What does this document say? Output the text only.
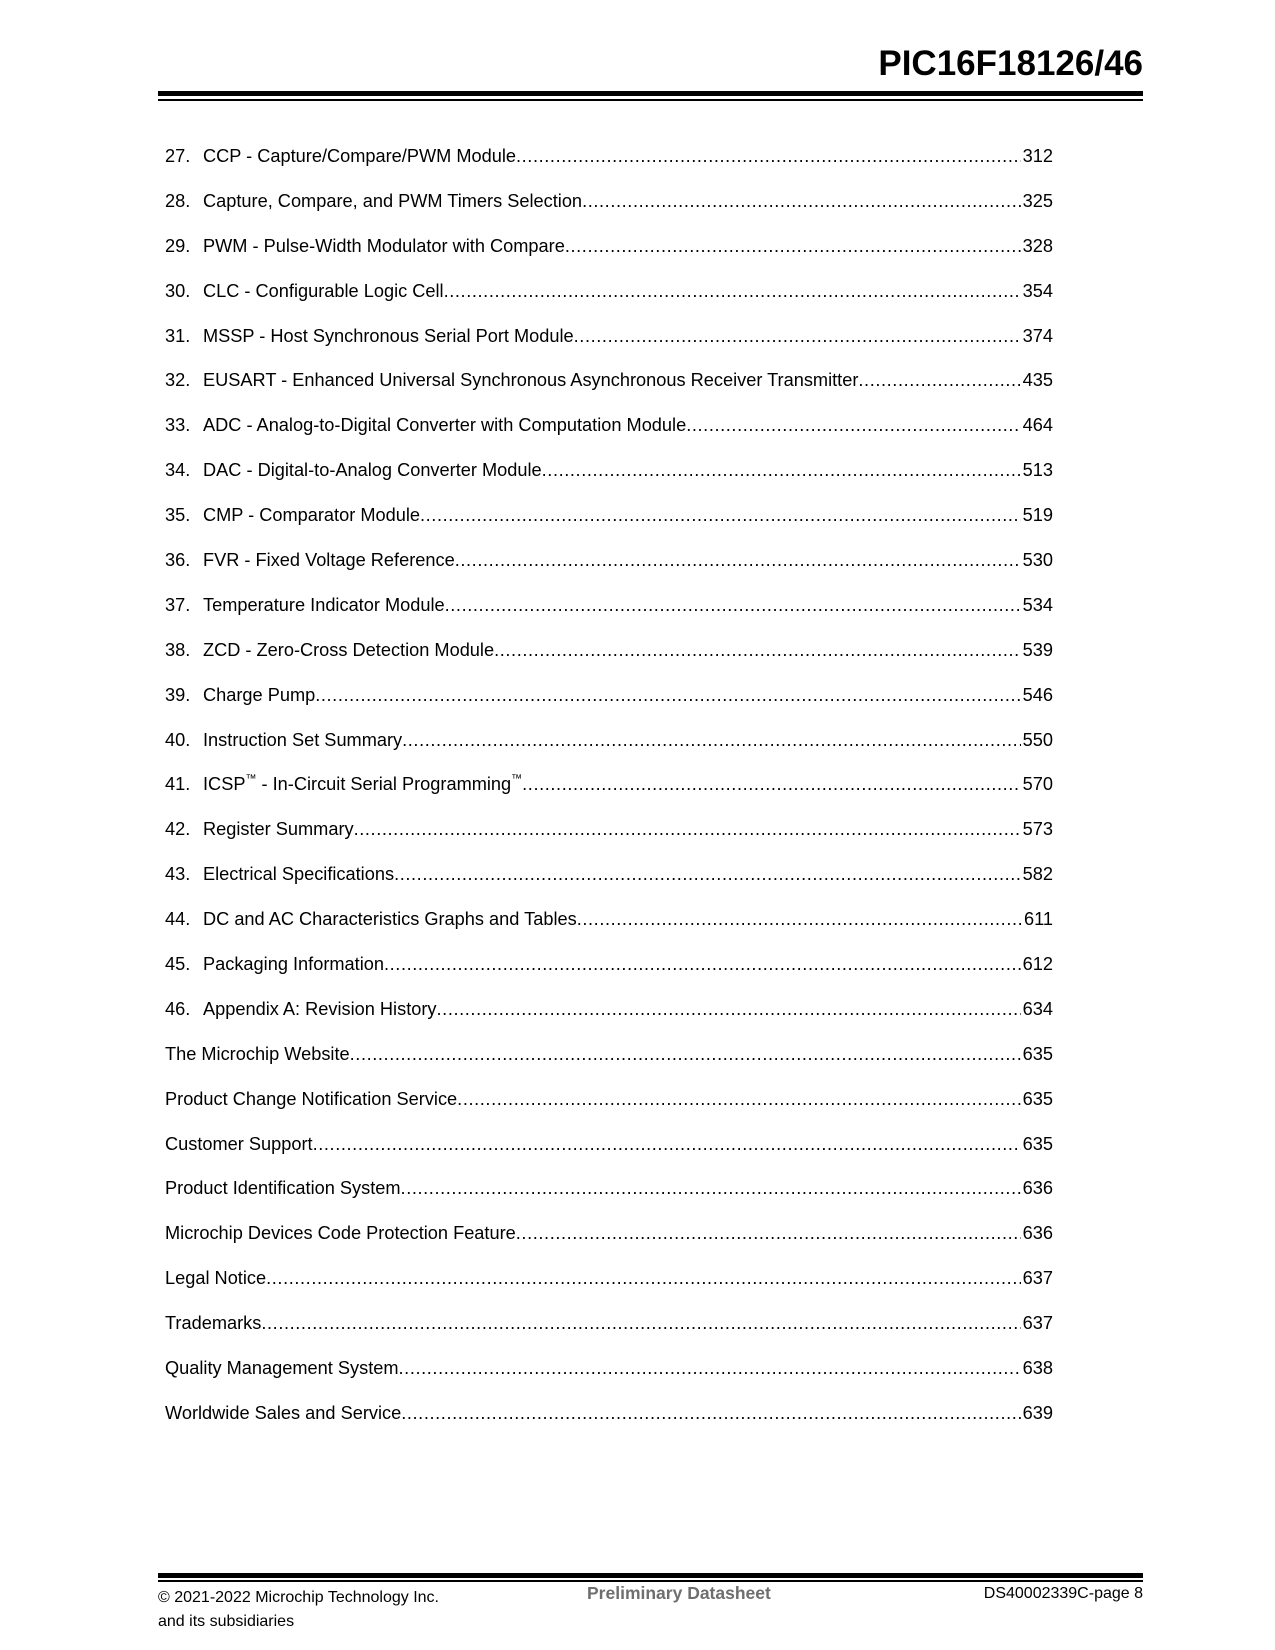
PIC16F18126/46
27. CCP - Capture/Compare/PWM Module .....	312
28. Capture, Compare, and PWM Timers Selection .....	325
29. PWM - Pulse-Width Modulator with Compare .....	328
30. CLC - Configurable Logic Cell .....	354
31. MSSP - Host Synchronous Serial Port Module .....	374
32. EUSART - Enhanced Universal Synchronous Asynchronous Receiver Transmitter .....	435
33. ADC - Analog-to-Digital Converter with Computation Module .....	464
34. DAC - Digital-to-Analog Converter Module .....	513
35. CMP - Comparator Module .....	519
36. FVR - Fixed Voltage Reference .....	530
37. Temperature Indicator Module .....	534
38. ZCD - Zero-Cross Detection Module .....	539
39. Charge Pump .....	546
40. Instruction Set Summary .....	550
41. ICSP™ - In-Circuit Serial Programming™ .....	570
42. Register Summary .....	573
43. Electrical Specifications .....	582
44. DC and AC Characteristics Graphs and Tables .....	611
45. Packaging Information .....	612
46. Appendix A: Revision History .....	634
The Microchip Website .....	635
Product Change Notification Service .....	635
Customer Support .....	635
Product Identification System .....	636
Microchip Devices Code Protection Feature .....	636
Legal Notice .....	637
Trademarks .....	637
Quality Management System .....	638
Worldwide Sales and Service .....	639
© 2021-2022 Microchip Technology Inc.
and its subsidiaries
Preliminary Datasheet	DS40002339C-page 8
